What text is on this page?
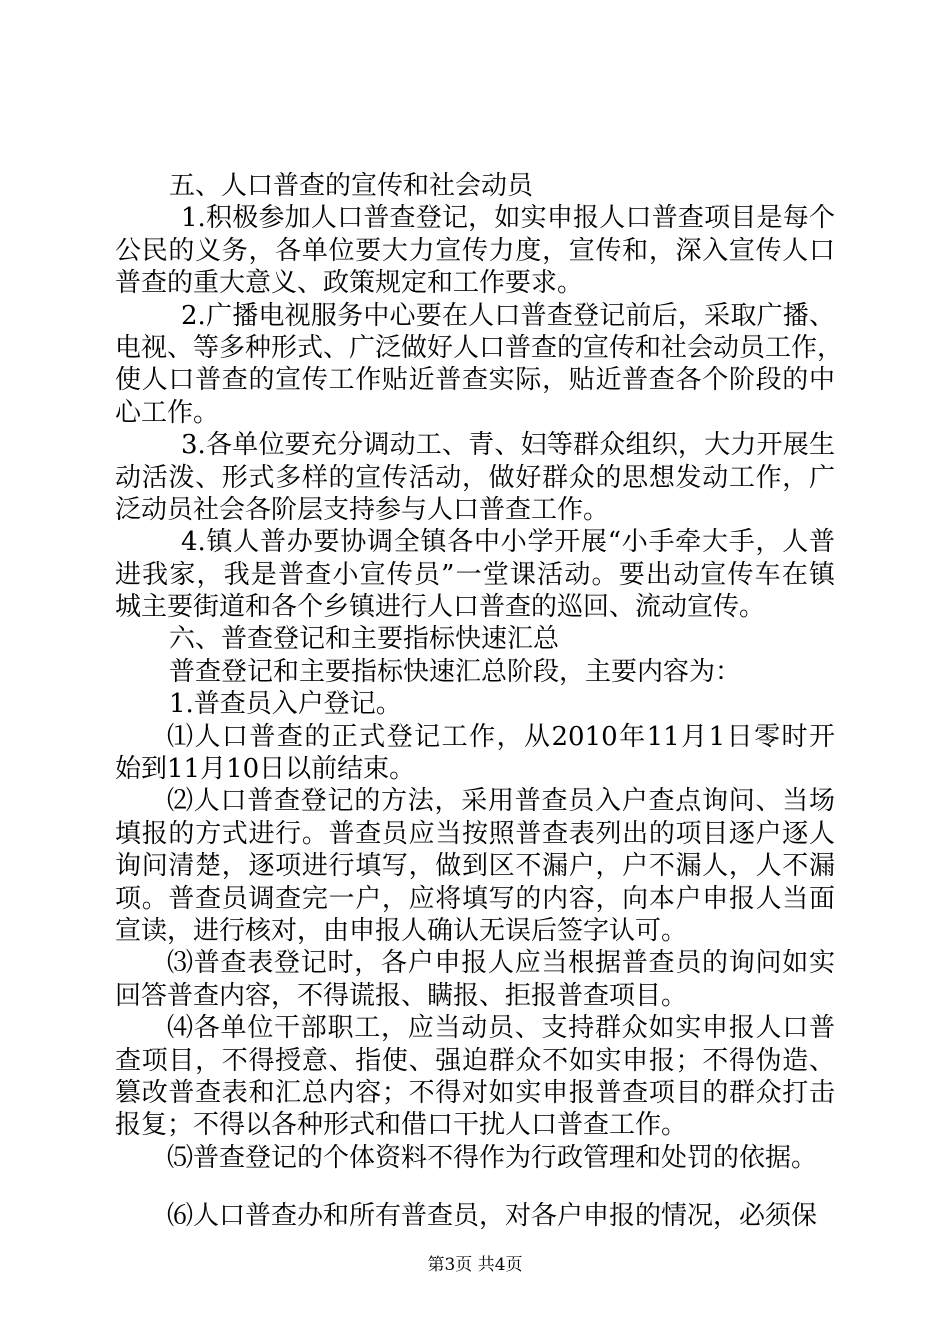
五、人口普查的宣传和社会动员
1.积极参加人口普查登记，如实申报人口普查项目是每个
公民的义务，各单位要大力宣传力度，宣传和，深入宣传人口
普查的重大意义、政策规定和工作要求。
2.广播电视服务中心要在人口普查登记前后，采取广播、
电视、等多种形式、广泛做好人口普查的宣传和社会动员工作，
使人口普查的宣传工作贴近普查实际，贴近普查各个阶段的中
心工作。
3.各单位要充分调动工、青、妇等群众组织，大力开展生
动活泼、形式多样的宣传活动，做好群众的思想发动工作，广
泛动员社会各阶层支持参与人口普查工作。
4.镇人普办要协调全镇各中小学开展“小手牵大手，人普
进我家，我是普查小宣传员”一堂课活动。要出动宣传车在镇
城主要街道和各个乡镇进行人口普查的巡回、流动宣传。
六、普查登记和主要指标快速汇总
普查登记和主要指标快速汇总阶段，主要内容为：
1.普查员入户登记。
⑴人口普查的正式登记工作，从2010年11月1日零时开
始到11月10日以前结束。
⑵人口普查登记的方法，采用普查员入户查点询问、当场
填报的方式进行。普查员应当按照普查表列出的项目逐户逐人
询问清楚，逐项进行填写，做到区不漏户，户不漏人，人不漏
项。普查员调查完一户，应将填写的内容，向本户申报人当面
宣读，进行核对，由申报人确认无误后签字认可。
⑶普查表登记时，各户申报人应当根据普查员的询问如实
回答普查内容，不得谎报、瞒报、拒报普查项目。
⑷各单位干部职工，应当动员、支持群众如实申报人口普
查项目，不得授意、指使、强迫群众不如实申报；不得伪造、
篡改普查表和汇总内容；不得对如实申报普查项目的群众打击
报复；不得以各种形式和借口干扰人口普查工作。
⑸普查登记的个体资料不得作为行政管理和处罚的依据。
⑹人口普查办和所有普查员，对各户申报的情况，必须保
第3页 共4页
